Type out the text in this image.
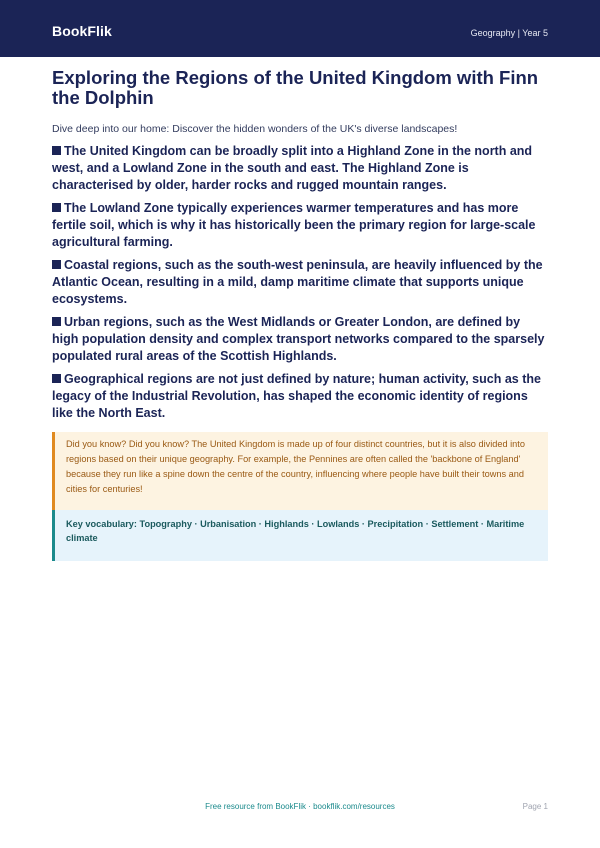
BookFlik	Geography | Year 5
Exploring the Regions of the United Kingdom with Finn the Dolphin

Dive deep into our home: Discover the hidden wonders of the UK's diverse landscapes!

The United Kingdom can be broadly split into a Highland Zone in the north and west, and a Lowland Zone in the south and east. The Highland Zone is characterised by older, harder rocks and rugged mountain ranges.
The Lowland Zone typically experiences warmer temperatures and has more fertile soil, which is why it has historically been the primary region for large-scale agricultural farming.
Coastal regions, such as the south-west peninsula, are heavily influenced by the Atlantic Ocean, resulting in a mild, damp maritime climate that supports unique ecosystems.
Urban regions, such as the West Midlands or Greater London, are defined by high population density and complex transport networks compared to the sparsely populated rural areas of the Scottish Highlands.
Geographical regions are not just defined by nature; human activity, such as the legacy of the Industrial Revolution, has shaped the economic identity of regions like the North East.
Did you know? Did you know? The United Kingdom is made up of four distinct countries, but it is also divided into regions based on their unique geography. For example, the Pennines are often called the 'backbone of England' because they run like a spine down the centre of the country, influencing where people have built their towns and cities for centuries!
Key vocabulary: Topography · Urbanisation · Highlands · Lowlands · Precipitation · Settlement · Maritime climate
Free resource from BookFlik · bookflik.com/resources	Page 1
